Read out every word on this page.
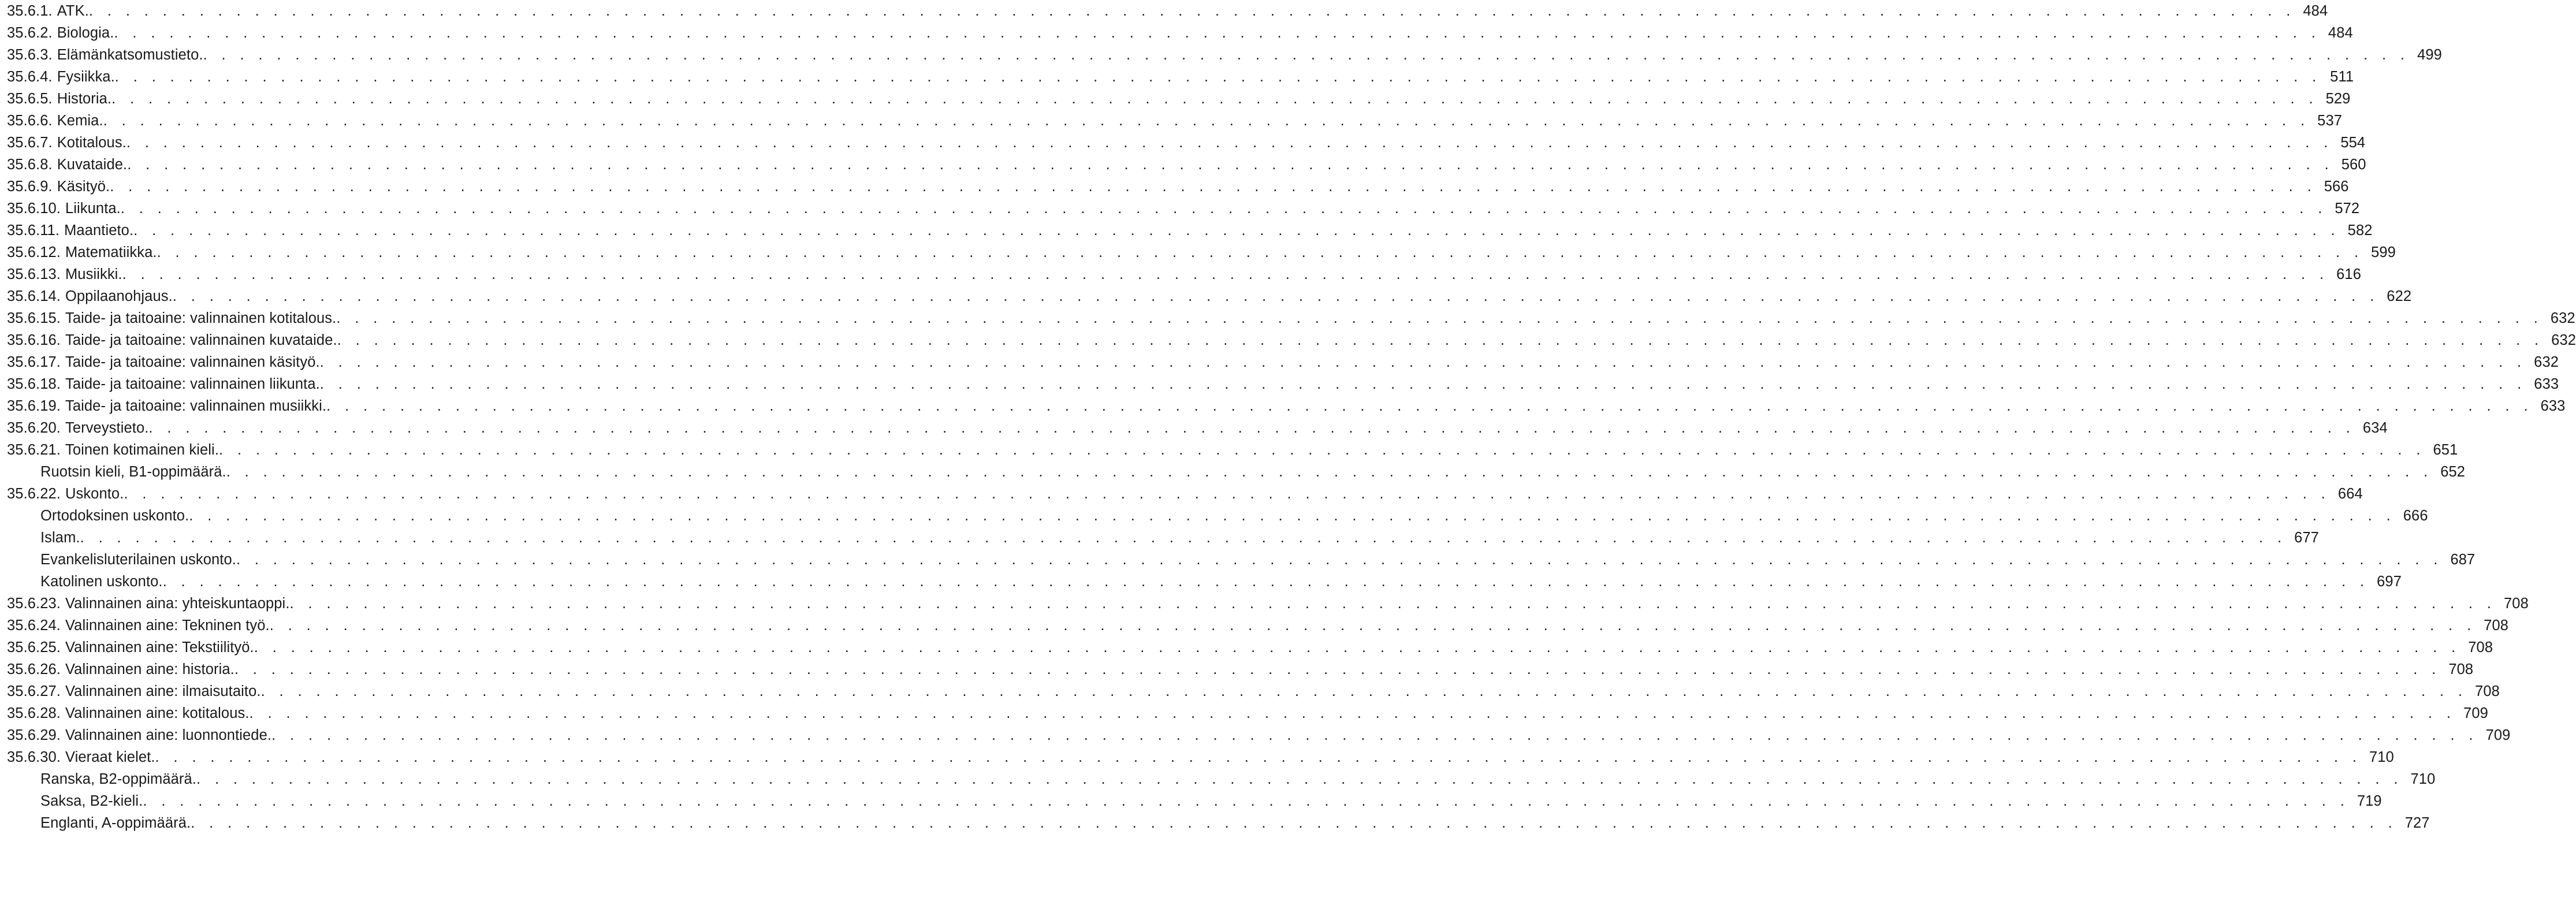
35.6.1. ATK. . . . . . . . . . . . . . . . . . . . . . . . . . . . . . . . . . . . . . . . . . . . . . . . . . . . . . . . . . . . . . . . . . . . . . . . . . . . . . . . . . . . . . . . . . . . . . . . . . . . . . . . . . . . . . . . . . . . . . . . . 484
35.6.2. Biologia. . . . . . . . . . . . . . . . . . . . . . . . . . . . . . . . . . . . . . . . . . . . . . . . . . . . . . . . . . . . . . . . . . . . . . . . . . . . . . . . . . . . . . . . . . . . . . . . . . . . . . . . . . . . . . . . . . . . . . . . . 484
35.6.3. Elämänkatsomustieto. . . . . . . . . . . . . . . . . . . . . . . . . . . . . . . . . . . . . . . . . . . . . . . . . . . . . . . . . . . . . . . . . . . . . . . . . . . . . . . . . . . . . . . . . . . . . . . . . . . . . . . . . . . . . . . . . . . . . . . . . 499
35.6.4. Fysiikka. . . . . . . . . . . . . . . . . . . . . . . . . . . . . . . . . . . . . . . . . . . . . . . . . . . . . . . . . . . . . . . . . . . . . . . . . . . . . . . . . . . . . . . . . . . . . . . . . . . . . . . . . . . . . . . . . . . . . . . . . 511
35.6.5. Historia. . . . . . . . . . . . . . . . . . . . . . . . . . . . . . . . . . . . . . . . . . . . . . . . . . . . . . . . . . . . . . . . . . . . . . . . . . . . . . . . . . . . . . . . . . . . . . . . . . . . . . . . . . . . . . . . . . . . . . . . . 529
35.6.6. Kemia. . . . . . . . . . . . . . . . . . . . . . . . . . . . . . . . . . . . . . . . . . . . . . . . . . . . . . . . . . . . . . . . . . . . . . . . . . . . . . . . . . . . . . . . . . . . . . . . . . . . . . . . . . . . . . . . . . . . . . . . . 537
35.6.7. Kotitalous. . . . . . . . . . . . . . . . . . . . . . . . . . . . . . . . . . . . . . . . . . . . . . . . . . . . . . . . . . . . . . . . . . . . . . . . . . . . . . . . . . . . . . . . . . . . . . . . . . . . . . . . . . . . . . . . . . . . . . . . . 554
35.6.8. Kuvataide. . . . . . . . . . . . . . . . . . . . . . . . . . . . . . . . . . . . . . . . . . . . . . . . . . . . . . . . . . . . . . . . . . . . . . . . . . . . . . . . . . . . . . . . . . . . . . . . . . . . . . . . . . . . . . . . . . . . . . . . . 560
35.6.9. Käsityö. . . . . . . . . . . . . . . . . . . . . . . . . . . . . . . . . . . . . . . . . . . . . . . . . . . . . . . . . . . . . . . . . . . . . . . . . . . . . . . . . . . . . . . . . . . . . . . . . . . . . . . . . . . . . . . . . . . . . . . . . 566
35.6.10. Liikunta. . . . . . . . . . . . . . . . . . . . . . . . . . . . . . . . . . . . . . . . . . . . . . . . . . . . . . . . . . . . . . . . . . . . . . . . . . . . . . . . . . . . . . . . . . . . . . . . . . . . . . . . . . . . . . . . . . . . . . . . . 572
35.6.11. Maantieto. . . . . . . . . . . . . . . . . . . . . . . . . . . . . . . . . . . . . . . . . . . . . . . . . . . . . . . . . . . . . . . . . . . . . . . . . . . . . . . . . . . . . . . . . . . . . . . . . . . . . . . . . . . . . . . . . . . . . . . . . 582
35.6.12. Matematiikka. . . . . . . . . . . . . . . . . . . . . . . . . . . . . . . . . . . . . . . . . . . . . . . . . . . . . . . . . . . . . . . . . . . . . . . . . . . . . . . . . . . . . . . . . . . . . . . . . . . . . . . . . . . . . . . . . . . . . . . . . 599
35.6.13. Musiikki. . . . . . . . . . . . . . . . . . . . . . . . . . . . . . . . . . . . . . . . . . . . . . . . . . . . . . . . . . . . . . . . . . . . . . . . . . . . . . . . . . . . . . . . . . . . . . . . . . . . . . . . . . . . . . . . . . . . . . . . . 616
35.6.14. Oppilaanohjaus. . . . . . . . . . . . . . . . . . . . . . . . . . . . . . . . . . . . . . . . . . . . . . . . . . . . . . . . . . . . . . . . . . . . . . . . . . . . . . . . . . . . . . . . . . . . . . . . . . . . . . . . . . . . . . . . . . . . . . . . . 622
35.6.15. Taide- ja taitoaine: valinnainen kotitalous. . . . . . . . . . . . . . . . . . . . . . . . . . . . . . . . . . . . . . . . . . . . . . . . . . . . . . . . . . . . . . . . . . . . . . . . . . . . . . . . . . . . . . . . . . . . . . . . . . . . . . . . . . . . . . . . . . . . . . . . . 632
35.6.16. Taide- ja taitoaine: valinnainen kuvataide. . . . . . . . . . . . . . . . . . . . . . . . . . . . . . . . . . . . . . . . . . . . . . . . . . . . . . . . . . . . . . . . . . . . . . . . . . . . . . . . . . . . . . . . . . . . . . . . . . . . . . . . . . . . . . . . . . . . . . . . . 632
35.6.17. Taide- ja taitoaine: valinnainen käsityö. . . . . . . . . . . . . . . . . . . . . . . . . . . . . . . . . . . . . . . . . . . . . . . . . . . . . . . . . . . . . . . . . . . . . . . . . . . . . . . . . . . . . . . . . . . . . . . . . . . . . . . . . . . . . . . . . . . . . . . . . 632
35.6.18. Taide- ja taitoaine: valinnainen liikunta. . . . . . . . . . . . . . . . . . . . . . . . . . . . . . . . . . . . . . . . . . . . . . . . . . . . . . . . . . . . . . . . . . . . . . . . . . . . . . . . . . . . . . . . . . . . . . . . . . . . . . . . . . . . . . . . . . . . . . . . . 633
35.6.19. Taide- ja taitoaine: valinnainen musiikki. . . . . . . . . . . . . . . . . . . . . . . . . . . . . . . . . . . . . . . . . . . . . . . . . . . . . . . . . . . . . . . . . . . . . . . . . . . . . . . . . . . . . . . . . . . . . . . . . . . . . . . . . . . . . . . . . . . . . . . . . 633
35.6.20. Terveystieto. . . . . . . . . . . . . . . . . . . . . . . . . . . . . . . . . . . . . . . . . . . . . . . . . . . . . . . . . . . . . . . . . . . . . . . . . . . . . . . . . . . . . . . . . . . . . . . . . . . . . . . . . . . . . . . . . . . . . . . . . 634
35.6.21. Toinen kotimainen kieli. . . . . . . . . . . . . . . . . . . . . . . . . . . . . . . . . . . . . . . . . . . . . . . . . . . . . . . . . . . . . . . . . . . . . . . . . . . . . . . . . . . . . . . . . . . . . . . . . . . . . . . . . . . . . . . . . . . . . . . . . 651
Ruotsin kieli, B1-oppimäärä. . . . . . . . . . . . . . . . . . . . . . . . . . . . . . . . . . . . . . . . . . . . . . . . . . . . . . . . . . . . . . . . . . . . . . . . . . . . . . . . . . . . . . . . . . . . . . . . . . . . . . . . . . . . . . . . . . . . . . . . . 652
35.6.22. Uskonto. . . . . . . . . . . . . . . . . . . . . . . . . . . . . . . . . . . . . . . . . . . . . . . . . . . . . . . . . . . . . . . . . . . . . . . . . . . . . . . . . . . . . . . . . . . . . . . . . . . . . . . . . . . . . . . . . . . . . . . . . 664
Ortodoksinen uskonto. . . . . . . . . . . . . . . . . . . . . . . . . . . . . . . . . . . . . . . . . . . . . . . . . . . . . . . . . . . . . . . . . . . . . . . . . . . . . . . . . . . . . . . . . . . . . . . . . . . . . . . . . . . . . . . . . . . . . . . . . 666
Islam. . . . . . . . . . . . . . . . . . . . . . . . . . . . . . . . . . . . . . . . . . . . . . . . . . . . . . . . . . . . . . . . . . . . . . . . . . . . . . . . . . . . . . . . . . . . . . . . . . . . . . . . . . . . . . . . . . . . . . . . . 677
Evankelisluterilainen uskonto. . . . . . . . . . . . . . . . . . . . . . . . . . . . . . . . . . . . . . . . . . . . . . . . . . . . . . . . . . . . . . . . . . . . . . . . . . . . . . . . . . . . . . . . . . . . . . . . . . . . . . . . . . . . . . . . . . . . . . . . . 687
Katolinen uskonto. . . . . . . . . . . . . . . . . . . . . . . . . . . . . . . . . . . . . . . . . . . . . . . . . . . . . . . . . . . . . . . . . . . . . . . . . . . . . . . . . . . . . . . . . . . . . . . . . . . . . . . . . . . . . . . . . . . . . . . . . 697
35.6.23. Valinnainen aina: yhteiskuntaoppi. . . . . . . . . . . . . . . . . . . . . . . . . . . . . . . . . . . . . . . . . . . . . . . . . . . . . . . . . . . . . . . . . . . . . . . . . . . . . . . . . . . . . . . . . . . . . . . . . . . . . . . . . . . . . . . . . . . . . . . . . 708
35.6.24. Valinnainen aine: Tekninen työ. . . . . . . . . . . . . . . . . . . . . . . . . . . . . . . . . . . . . . . . . . . . . . . . . . . . . . . . . . . . . . . . . . . . . . . . . . . . . . . . . . . . . . . . . . . . . . . . . . . . . . . . . . . . . . . . . . . . . . . . . 708
35.6.25. Valinnainen aine: Tekstiilityö. . . . . . . . . . . . . . . . . . . . . . . . . . . . . . . . . . . . . . . . . . . . . . . . . . . . . . . . . . . . . . . . . . . . . . . . . . . . . . . . . . . . . . . . . . . . . . . . . . . . . . . . . . . . . . . . . . . . . . . . . 708
35.6.26. Valinnainen aine: historia. . . . . . . . . . . . . . . . . . . . . . . . . . . . . . . . . . . . . . . . . . . . . . . . . . . . . . . . . . . . . . . . . . . . . . . . . . . . . . . . . . . . . . . . . . . . . . . . . . . . . . . . . . . . . . . . . . . . . . . . . 708
35.6.27. Valinnainen aine: ilmaisutaito. . . . . . . . . . . . . . . . . . . . . . . . . . . . . . . . . . . . . . . . . . . . . . . . . . . . . . . . . . . . . . . . . . . . . . . . . . . . . . . . . . . . . . . . . . . . . . . . . . . . . . . . . . . . . . . . . . . . . . . . . 708
35.6.28. Valinnainen aine: kotitalous. . . . . . . . . . . . . . . . . . . . . . . . . . . . . . . . . . . . . . . . . . . . . . . . . . . . . . . . . . . . . . . . . . . . . . . . . . . . . . . . . . . . . . . . . . . . . . . . . . . . . . . . . . . . . . . . . . . . . . . . . 709
35.6.29. Valinnainen aine: luonnontiede. . . . . . . . . . . . . . . . . . . . . . . . . . . . . . . . . . . . . . . . . . . . . . . . . . . . . . . . . . . . . . . . . . . . . . . . . . . . . . . . . . . . . . . . . . . . . . . . . . . . . . . . . . . . . . . . . . . . . . . . . 709
35.6.30. Vieraat kielet. . . . . . . . . . . . . . . . . . . . . . . . . . . . . . . . . . . . . . . . . . . . . . . . . . . . . . . . . . . . . . . . . . . . . . . . . . . . . . . . . . . . . . . . . . . . . . . . . . . . . . . . . . . . . . . . . . . . . . . . . 710
Ranska, B2-oppimäärä. . . . . . . . . . . . . . . . . . . . . . . . . . . . . . . . . . . . . . . . . . . . . . . . . . . . . . . . . . . . . . . . . . . . . . . . . . . . . . . . . . . . . . . . . . . . . . . . . . . . . . . . . . . . . . . . . . . . . . . . . 710
Saksa, B2-kieli. . . . . . . . . . . . . . . . . . . . . . . . . . . . . . . . . . . . . . . . . . . . . . . . . . . . . . . . . . . . . . . . . . . . . . . . . . . . . . . . . . . . . . . . . . . . . . . . . . . . . . . . . . . . . . . . . . . . . . . . . 719
Englanti, A-oppimäärä. . . . . . . . . . . . . . . . . . . . . . . . . . . . . . . . . . . . . . . . . . . . . . . . . . . . . . . . . . . . . . . . . . . . . . . . . . . . . . . . . . . . . . . . . . . . . . . . . . . . . . . . . . . . . . . . . . . . . . . . . 727
